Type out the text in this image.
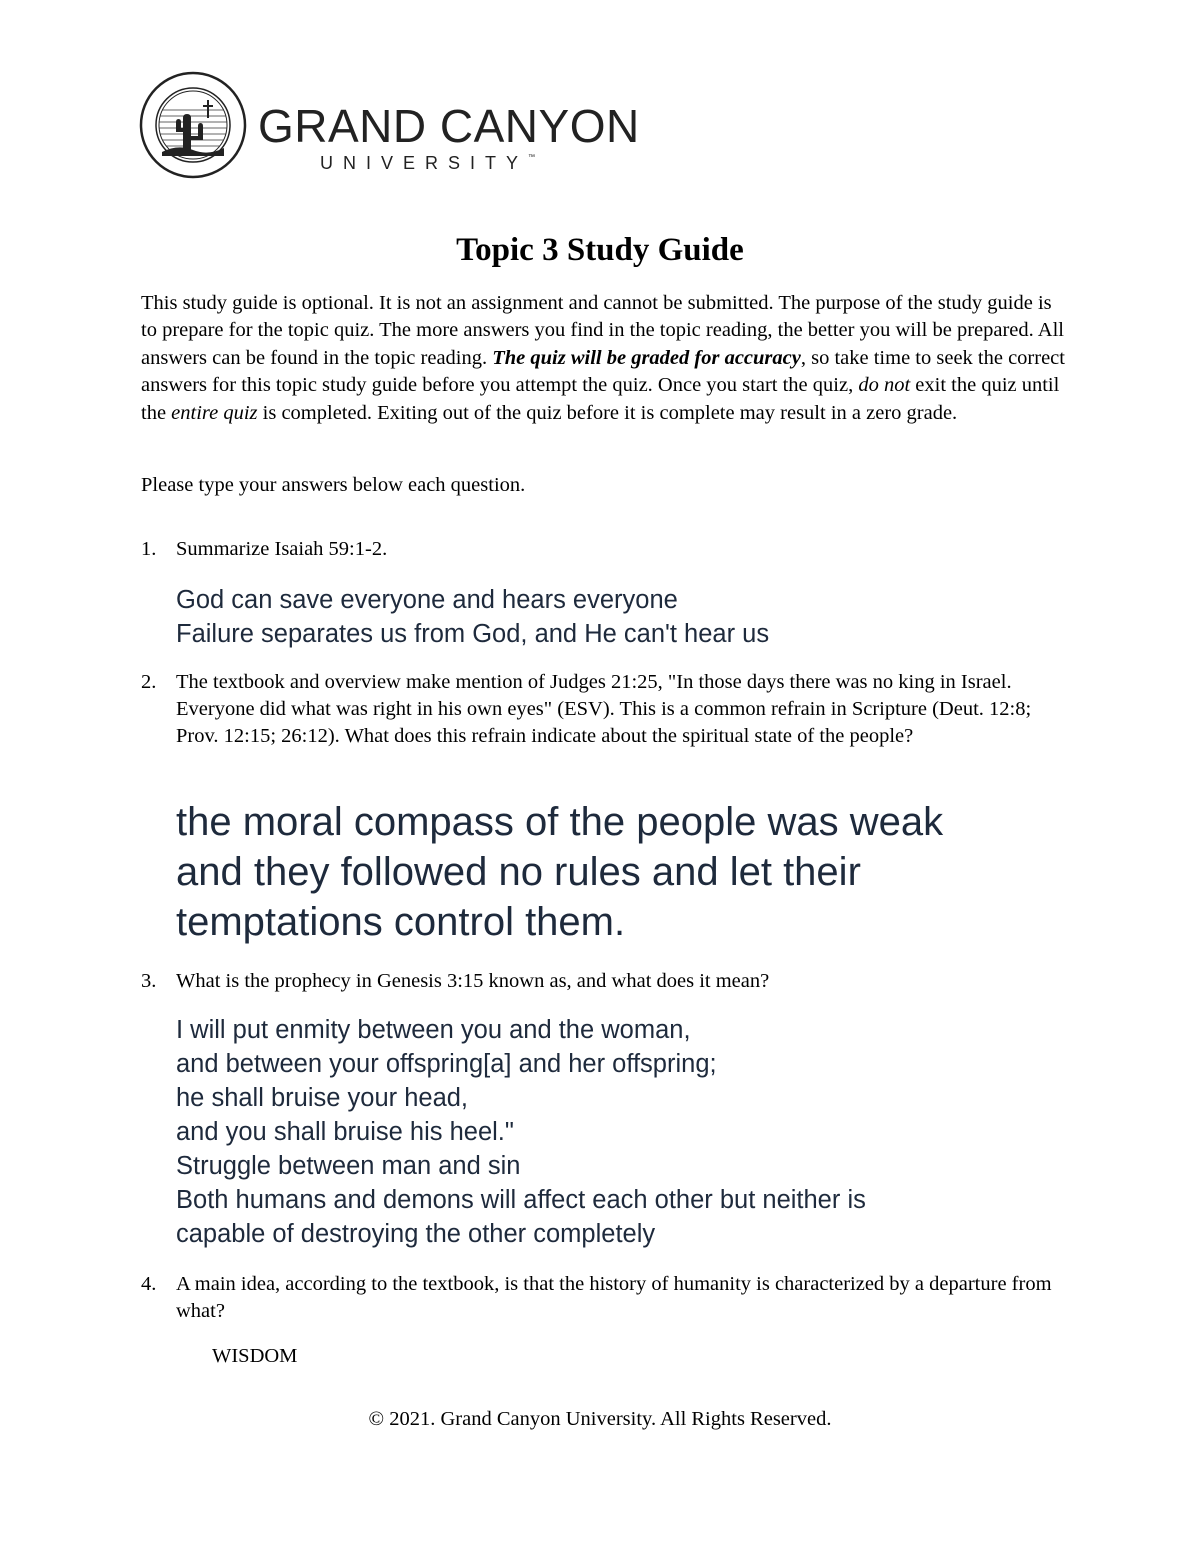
GRAND CANYON
UNIVERSITY™
Topic 3 Study Guide
This study guide is optional. It is not an assignment and cannot be submitted. The purpose of the study guide is to prepare for the topic quiz. The more answers you find in the topic reading, the better you will be prepared. All answers can be found in the topic reading. The quiz will be graded for accuracy, so take time to seek the correct answers for this topic study guide before you attempt the quiz. Once you start the quiz, do not exit the quiz until the entire quiz is completed. Exiting out of the quiz before it is complete may result in a zero grade.
Please type your answers below each question.
1. Summarize Isaiah 59:1-2.
God can save everyone and hears everyone
Failure separates us from God, and He can't hear us
2. The textbook and overview make mention of Judges 21:25, "In those days there was no king in Israel. Everyone did what was right in his own eyes" (ESV). This is a common refrain in Scripture (Deut. 12:8; Prov. 12:15; 26:12). What does this refrain indicate about the spiritual state of the people?
the moral compass of the people was weak
and they followed no rules and let their
temptations control them.
3. What is the prophecy in Genesis 3:15 known as, and what does it mean?
I will put enmity between you and the woman,
and between your offspring[a] and her offspring;
he shall bruise your head,
and you shall bruise his heel."
Struggle between man and sin
Both humans and demons will affect each other but neither is
capable of destroying the other completely
4. A main idea, according to the textbook, is that the history of humanity is characterized by a departure from what?
WISDOM
© 2021. Grand Canyon University. All Rights Reserved.
